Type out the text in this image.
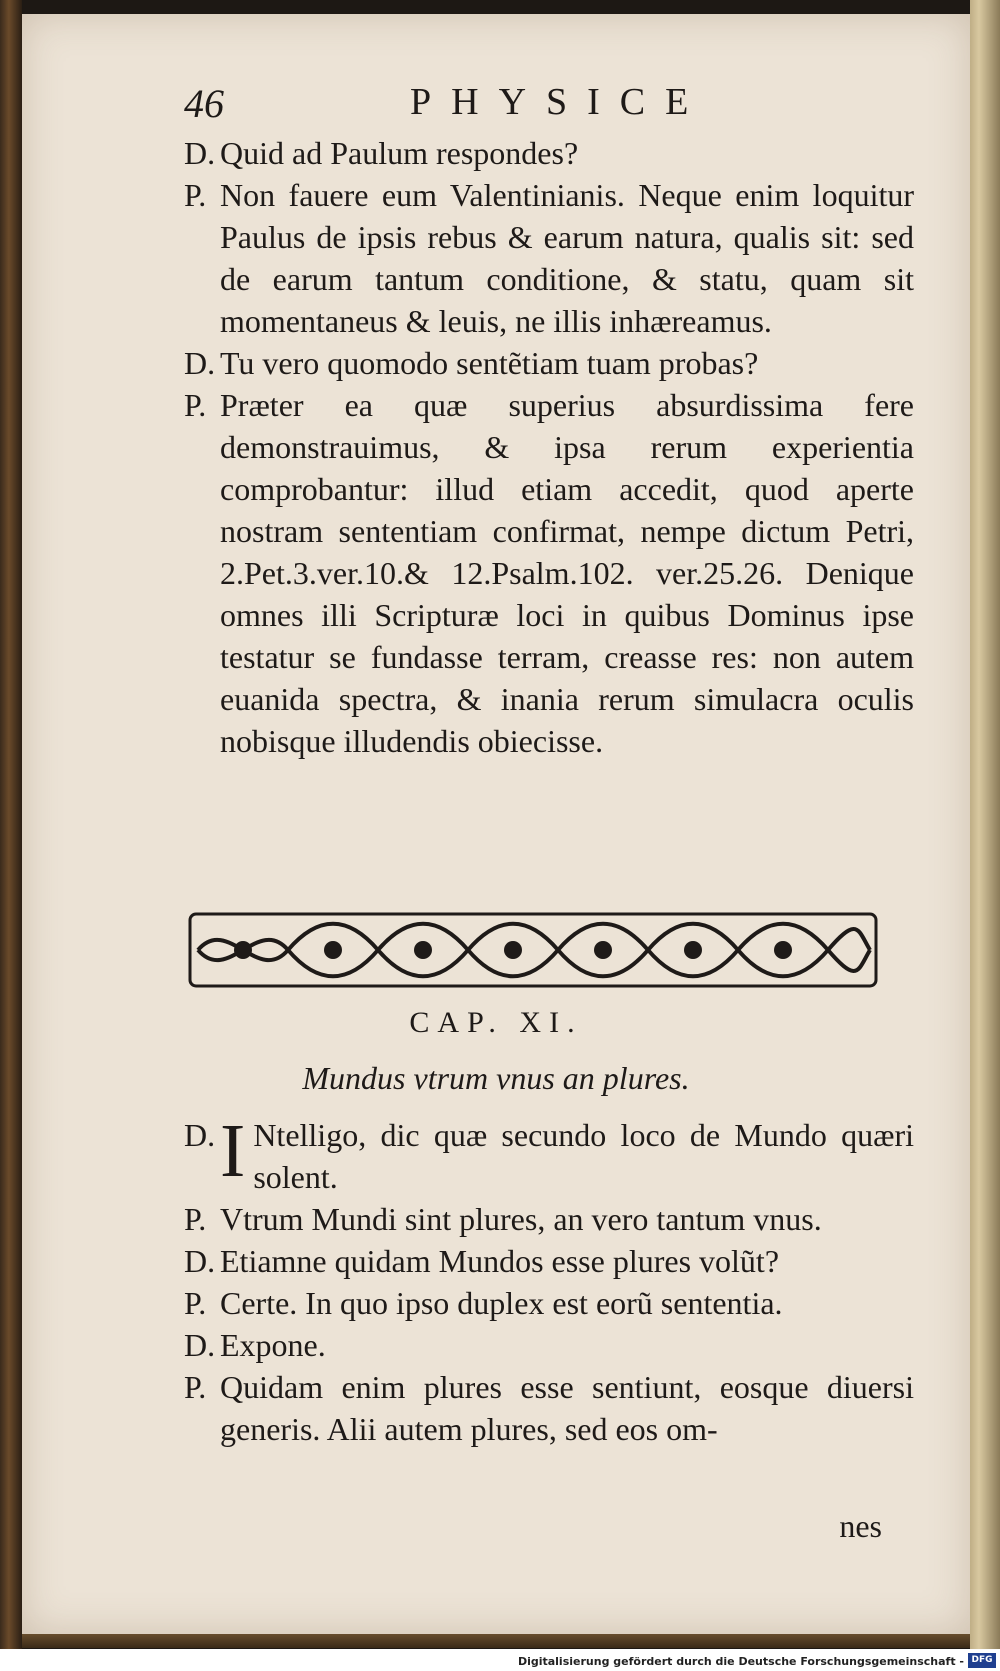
46	PHYSICE
D. Quid ad Paulum respondes?
P. Non fauere eum Valentinianis. Neque enim loquitur Paulus de ipsis rebus & earum natura, qualis sit: sed de earum tantum conditione, & statu, quam sit momentaneus & leuis, ne illis inhæreamus.
D. Tu vero quomodo sentẽtiam tuam probas?
P. Præter ea quæ superius absurdissima fere demonstrauimus, & ipsa rerum experientia comprobantur: illud etiam accedit, quod aperte nostram sententiam confirmat, nempe dictum Petri, 2.Pet.3.ver.10.& 12.Psalm.102. ver.25.26. Denique omnes illi Scripturæ loci in quibus Dominus ipse testatur se fundasse terram, creasse res: non autem euanida spectra, & inania rerum simulacra oculis nobisque illudendis obiecisse.
CAP. XI.
Mundus vtrum vnus an plures.
D. I Ntelligo, dic quæ secundo loco de Mundo quæri solent.
P. Vtrum Mundi sint plures, an vero tantum vnus.
D. Etiamne quidam Mundos esse plures volũt?
P. Certe. In quo ipso duplex est eorũ sententia.
D. Expone.
P. Quidam enim plures esse sentiunt, eosque diuersi generis. Alii autem plures, sed eos om-
nes
Digitalisierung gefördert durch die Deutsche Forschungsgemeinschaft - DFG
